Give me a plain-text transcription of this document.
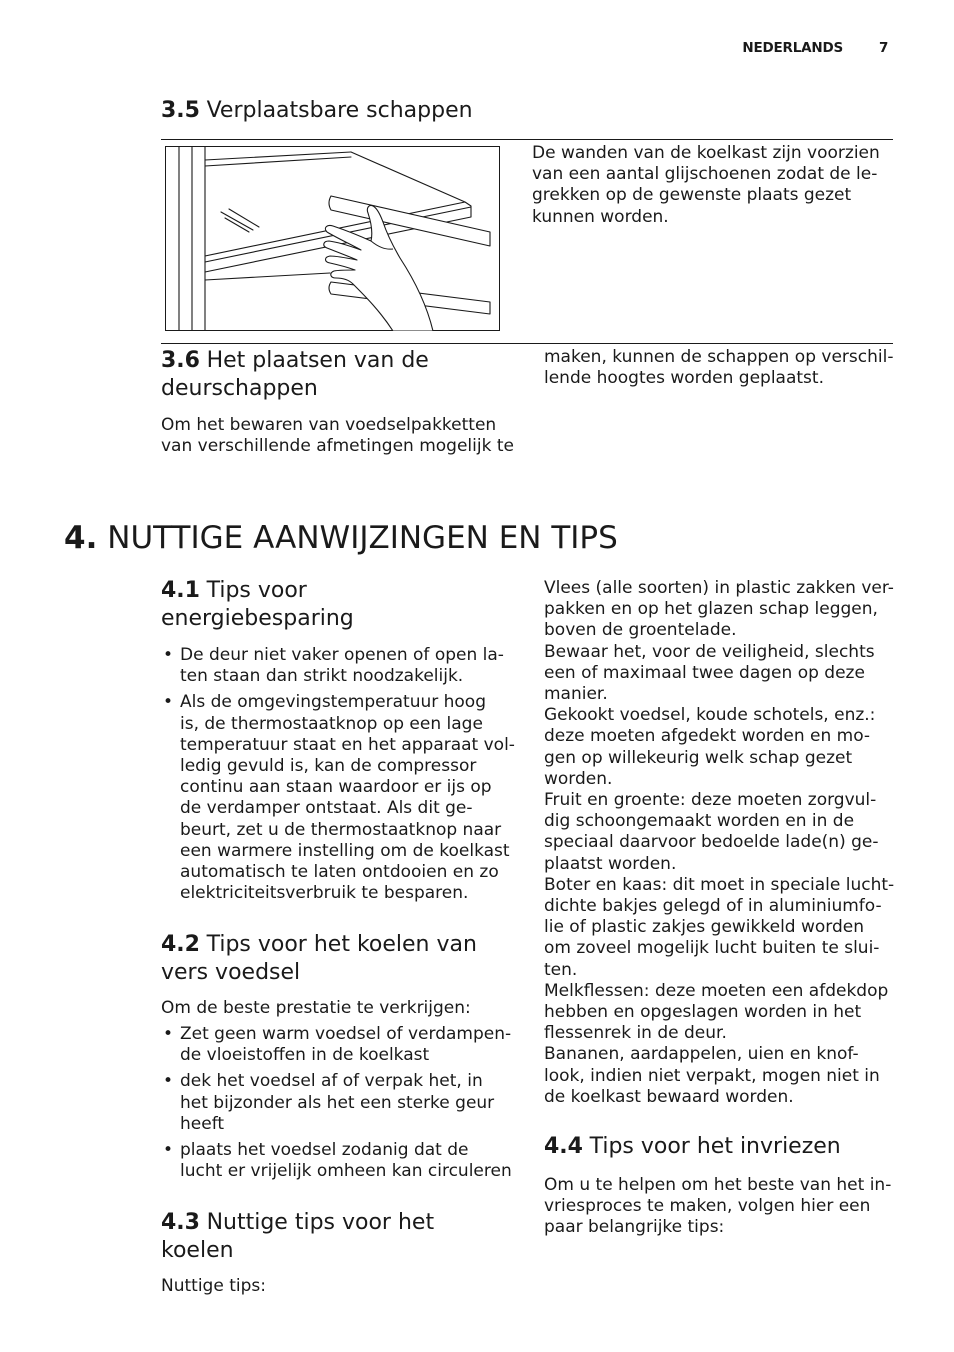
NEDERLANDS	7
3.5 Verplaatsbare schappen
De wanden van de koelkast zijn voorzien
van een aantal glijschoenen zodat de le-
grekken op de gewenste plaats gezet
kunnen worden.
3.6 Het plaatsen van de
deurschappen
Om het bewaren van voedselpakketten
van verschillende afmetingen mogelijk te
maken, kunnen de schappen op verschil-
lende hoogtes worden geplaatst.
4. NUTTIGE AANWIJZINGEN EN TIPS
4.1 Tips voor
energiebesparing
• De deur niet vaker openen of open la-
ten staan dan strikt noodzakelijk.
• Als de omgevingstemperatuur hoog
is, de thermostaatknop op een lage
temperatuur staat en het apparaat vol-
ledig gevuld is, kan de compressor
continu aan staan waardoor er ijs op
de verdamper ontstaat. Als dit ge-
beurt, zet u de thermostaatknop naar
een warmere instelling om de koelkast
automatisch te laten ontdooien en zo
elektriciteitsverbruik te besparen.
4.2 Tips voor het koelen van
vers voedsel
Om de beste prestatie te verkrijgen:
• Zet geen warm voedsel of verdampen-
de vloeistoffen in de koelkast
• dek het voedsel af of verpak het, in
het bijzonder als het een sterke geur
heeft
• plaats het voedsel zodanig dat de
lucht er vrijelijk omheen kan circuleren
4.3 Nuttige tips voor het
koelen
Nuttige tips:
Vlees (alle soorten) in plastic zakken ver-
pakken en op het glazen schap leggen,
boven de groentelade.
Bewaar het, voor de veiligheid, slechts
een of maximaal twee dagen op deze
manier.
Gekookt voedsel, koude schotels, enz.:
deze moeten afgedekt worden en mo-
gen op willekeurig welk schap gezet
worden.
Fruit en groente: deze moeten zorgvul-
dig schoongemaakt worden en in de
speciaal daarvoor bedoelde lade(n) ge-
plaatst worden.
Boter en kaas: dit moet in speciale lucht-
dichte bakjes gelegd of in aluminiumfo-
lie of plastic zakjes gewikkeld worden
om zoveel mogelijk lucht buiten te slui-
ten.
Melkflessen: deze moeten een afdekdop
hebben en opgeslagen worden in het
flessenrek in de deur.
Bananen, aardappelen, uien en knof-
look, indien niet verpakt, mogen niet in
de koelkast bewaard worden.
4.4 Tips voor het invriezen
Om u te helpen om het beste van het in-
vriesproces te maken, volgen hier een
paar belangrijke tips:
